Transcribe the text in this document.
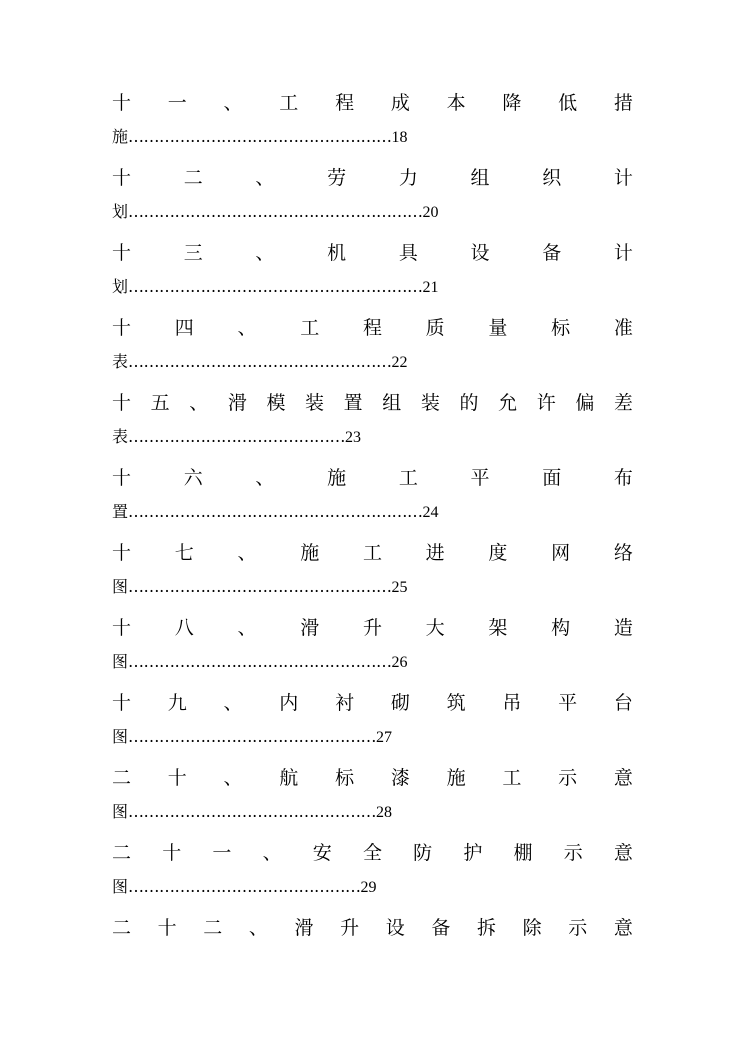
十 一 、 工 程 成 本 降 低 措
施……………………………………………18
十	二	、	劳	力	组	织	计
划…………………………………………………20
十	三	、	机	具	设	备	计
划…………………………………………………21
十 四 、 工 程 质 量 标 准
表……………………………………………22
十 五 、 滑 模 装 置 组 装 的 允 许 偏 差
表……………………………………23
十	六	、	施	工	平	面	布
置…………………………………………………24
十 七 、 施 工 进 度 网 络
图……………………………………………25
十 八 、 滑 升 大 架 构 造
图……………………………………………26
十 九 、 内 衬 砌 筑 吊 平 台
图…………………………………………27
二 十 、 航 标 漆 施 工 示 意
图…………………………………………28
二 十 一 、 安 全 防 护 棚 示 意
图………………………………………29
二 十 二 、 滑 升 设 备 拆 除 示 意
